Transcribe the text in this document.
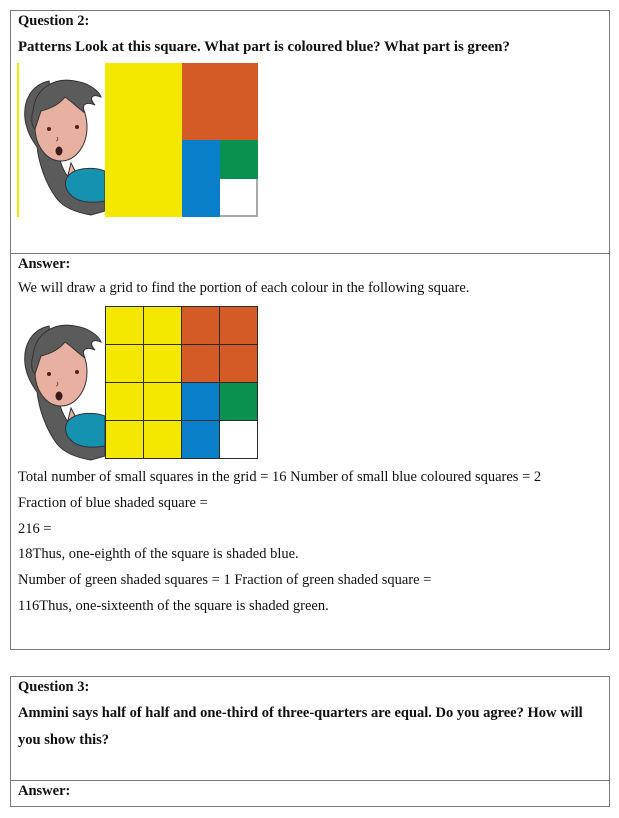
Question 2:
Patterns Look at this square. What part is coloured blue? What part is green?
Answer:
We will draw a grid to find the portion of each colour in the following square.
Total number of small squares in the grid = 16 Number of small blue coloured squares = 2
Fraction of blue shaded square =
216 =
18Thus, one-eighth of the square is shaded blue.
Number of green shaded squares = 1 Fraction of green shaded square =
116Thus, one-sixteenth of the square is shaded green.
Question 3:
Ammini says half of half and one-third of three-quarters are equal. Do you agree? How will
you show this?
Answer:
